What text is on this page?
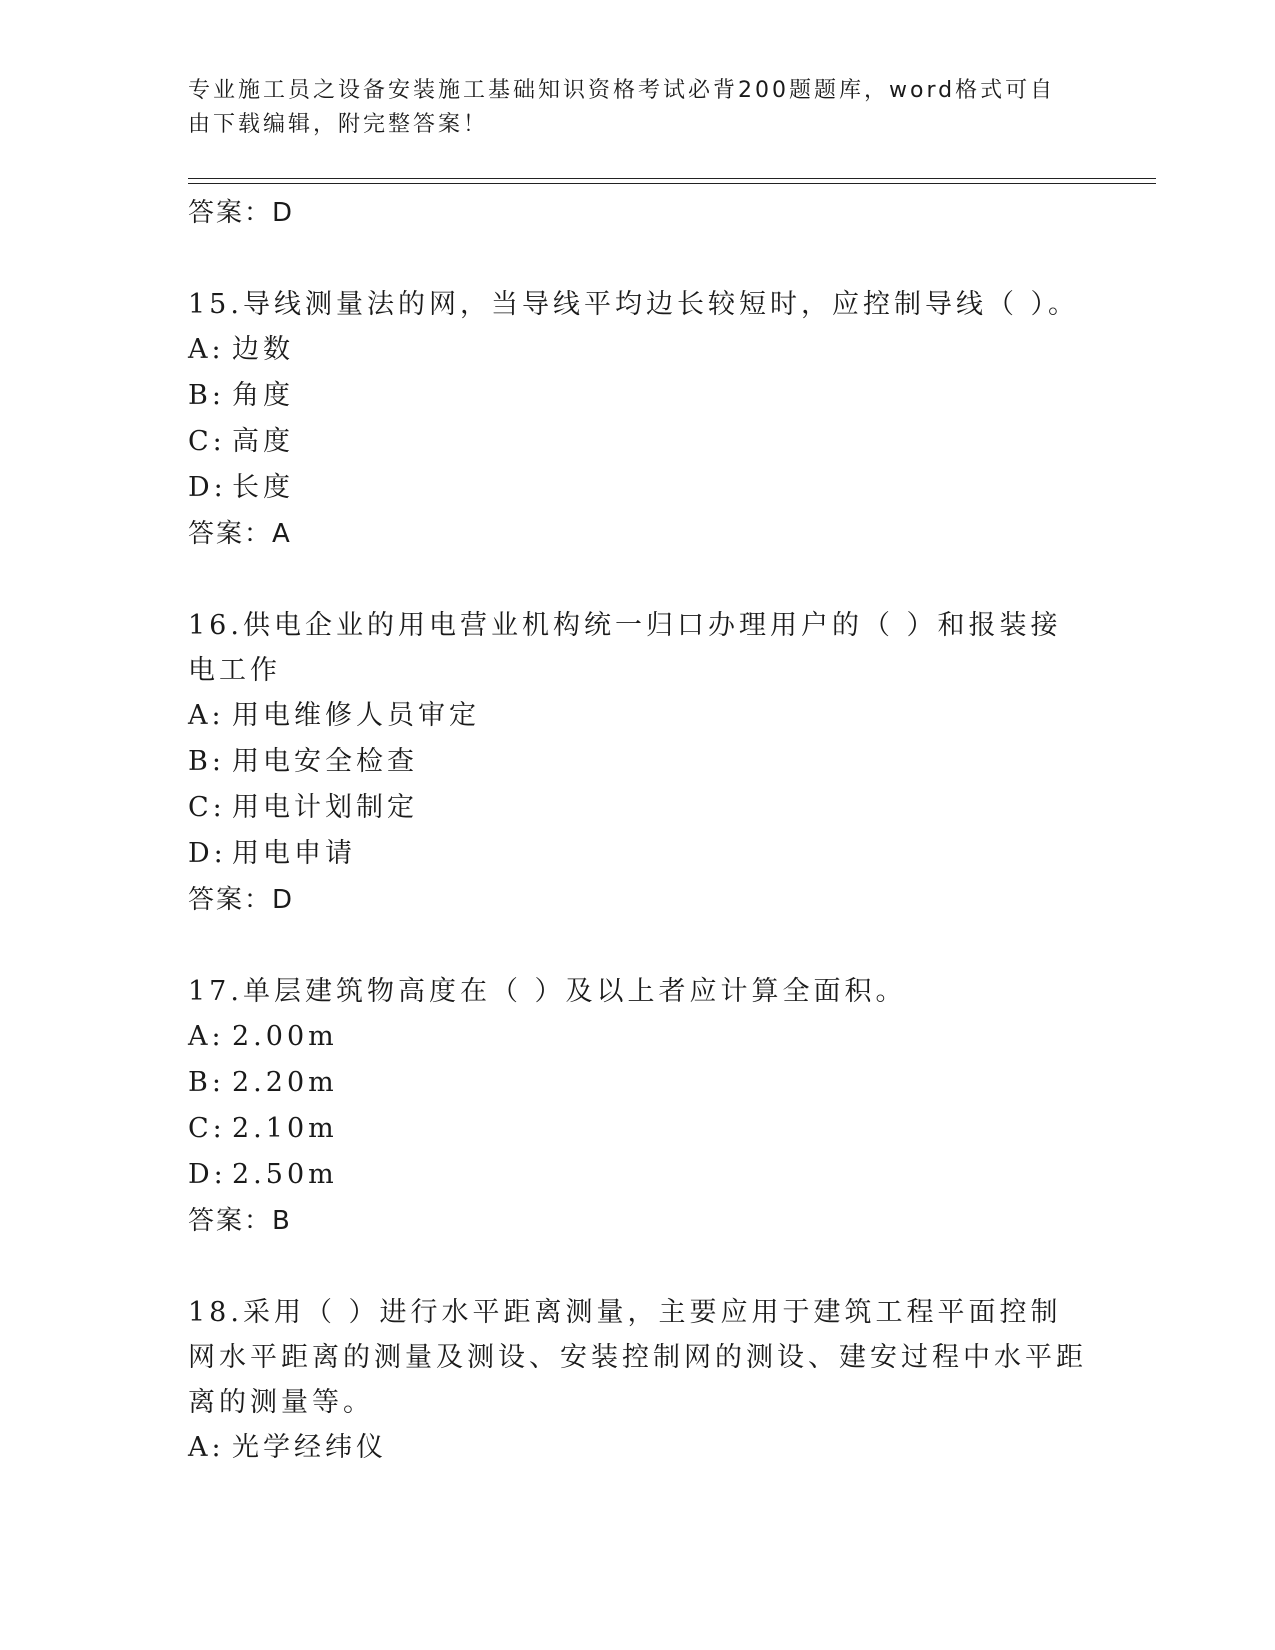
专业施工员之设备安装施工基础知识资格考试必背200题题库，word格式可自由下载编辑，附完整答案！
答案：D
15.导线测量法的网，当导线平均边长较短时，应控制导线（ ）。
A: 边数
B: 角度
C: 高度
D: 长度
答案：A
16.供电企业的用电营业机构统一归口办理用户的（ ）和报装接电工作
A: 用电维修人员审定
B: 用电安全检查
C: 用电计划制定
D: 用电申请
答案：D
17.单层建筑物高度在（ ）及以上者应计算全面积。
A: 2.00m
B: 2.20m
C: 2.10m
D: 2.50m
答案：B
18.采用（ ）进行水平距离测量，主要应用于建筑工程平面控制网水平距离的测量及测设、安装控制网的测设、建安过程中水平距离的测量等。
A: 光学经纬仪
